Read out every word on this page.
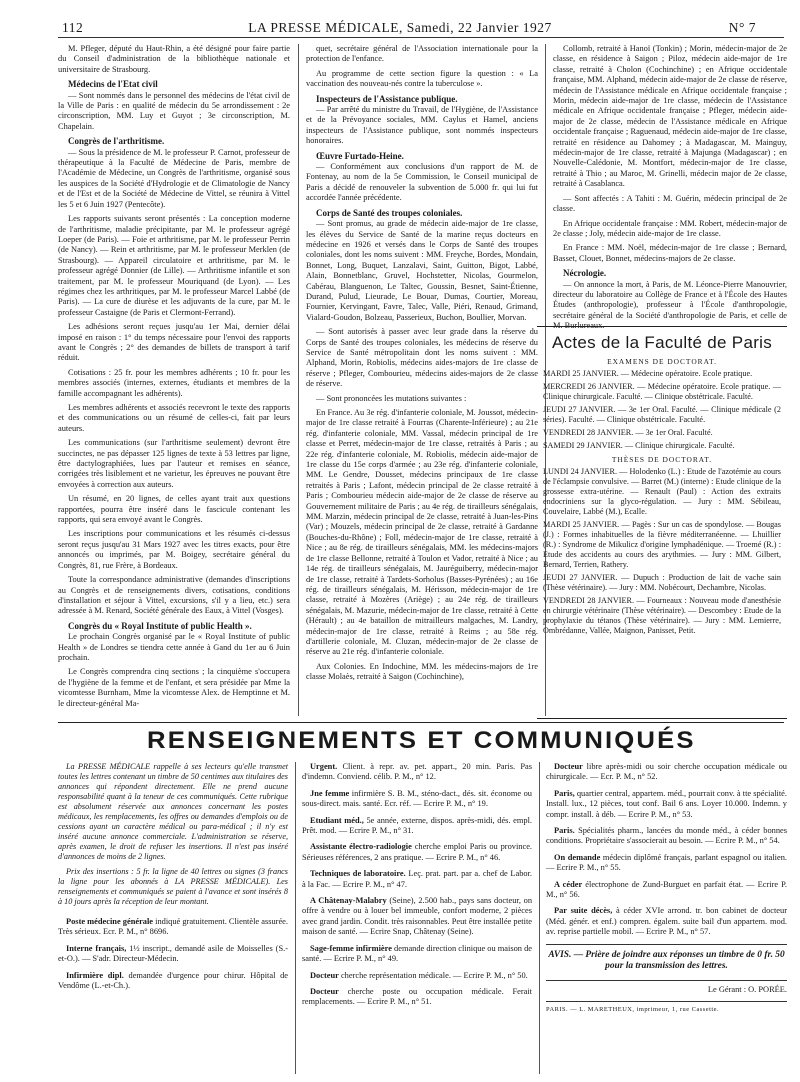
112	LA PRESSE MÉDICALE, Samedi, 22 Janvier 1927	N° 7

M. Pfleger, député du Haut-Rhin, a été désigné pour faire partie du Conseil d'administration de la bibliothèque nationale et universitaire de Strasbourg.

Médecins de l'Etat civil

— Sont nommés dans le personnel des médecins de l'état civil de la Ville de Paris : en qualité de médecin du 5e arrondissement : 2e circonscription, MM. Luy et Guyot ; 3e circonscription, M. Chapelain.

Congrès de l'arthritisme.

— Sous la présidence de M. le professeur P. Carnot, professeur de thérapeutique à la Faculté de Médecine de Paris, membre de l'Académie de Médecine, un Congrès de l'arthritisme, organisé sous les auspices de la Société d'Hydrologie et de Climatologie de Nancy et de l'Est et de la Société de Médecine de Vittel, se réunira à Vittel les 5 et 6 Juin 1927 (Pentecôte).

Les rapports suivants seront présentés : La conception moderne de l'arthritisme, maladie précipitante, par M. le professeur agrégé Loeper (de Paris). — Foie et arthritisme, par M. le professeur Perrin (de Nancy). — Rein et arthritisme, par M. le professeur Merklen (de Strasbourg). — Appareil circulatoire et arthritisme, par M. le professeur agrégé Donnier (de Lille). — Arthritisme infantile et son traitement, par M. le professeur Mouriquand (de Lyon). — Les régimes chez les arthritiques, par M. le professeur Marcel Labbé (de Paris). — La cure de diurèse et les adjuvants de la cure, par M. le professeur Castaigne (de Paris et Clermont-Ferrand).

Les adhésions seront reçues jusqu'au 1er Mai, dernier délai imposé en raison : 1° du temps nécessaire pour l'envoi des rapports avant le Congrès ; 2° des demandes de billets de transport à tarif réduit.

Cotisations : 25 fr. pour les membres adhérents ; 10 fr. pour les membres associés (internes, externes, étudiants et membres de la famille accompagnant les adhérents).

Les membres adhérents et associés recevront le texte des rapports et des communications ou un résumé de celles-ci, fait par leurs auteurs.

Les communications (sur l'arthritisme seulement) devront être succinctes, ne pas dépasser 125 lignes de texte à 53 lettres par ligne, être dactylographiées, lues par l'auteur et remises en séance, corrigées très lisiblement et ne varietur, les épreuves ne pouvant être envoyées à correction aux auteurs.

Un résumé, en 20 lignes, de celles ayant trait aux questions rapportées, pourra être inséré dans le fascicule contenant les rapports, qui sera envoyé avant le Congrès.

Les inscriptions pour communications et les résumés ci-dessus seront reçus jusqu'au 31 Mars 1927 avec les titres exacts, pour être annoncés ou imprimés, par M. Boigey, secrétaire général du Congrès, 81, rue Frère, à Bordeaux.

Toute la correspondance administrative (demandes d'inscriptions au Congrès et de renseignements divers, cotisations, conditions d'installation et séjour à Vittel, excursions, s'il y a lieu, etc.) sera adressée à M. Renard, Société générale des Eaux, à Vittel (Vosges).

Congrès du « Royal Institute of public Health ».

Le prochain Congrès organisé par le « Royal Institute of public Health » de Londres se tiendra cette année à Gand du 1er au 6 Juin prochain.

Le Congrès comprendra cinq sections ; la cinquième s'occupera de l'hygiène de la femme et de l'enfant, et sera présidée par Mme la vicomtesse Burnham, Mme la vicomtesse Alex. de Hemptinne et M. le directeur-général Ma-

quet, secrétaire général de l'Association internationale pour la protection de l'enfance.

Au programme de cette section figure la question : « La vaccination des nouveau-nés contre la tuberculose ».

Inspecteurs de l'Assistance publique.

— Par arrêté du ministre du Travail, de l'Hygiène, de l'Assistance et de la Prévoyance sociales, MM. Caylus et Hamel, anciens inspecteurs de l'Assistance publique, sont nommés inspecteurs honoraires.

Œuvre Furtado-Heine.

— Conformément aux conclusions d'un rapport de M. de Fontenay, au nom de la 5e Commission, le Conseil municipal de Paris a décidé de renouveler la subvention de 5.000 fr. qui lui fut accordée l'année précédente.

Corps de Santé des troupes coloniales.

— Sont promus, au grade de médecin aide-major de 1re classe, les élèves du Service de Santé de la marine reçus docteurs en médecine en 1926 et versés dans le Corps de Santé des troupes coloniales, dont les noms suivent : MM. Freyche, Bordes, Mondain, Bonnet, Long, Buquet, Lanzalavi, Saint, Guitton, Bigot, Labbé, Alain, Bonnetblanc, Gruvel, Hochstetter, Nicolas, Gourmelon, Cabérau, Blanguenon, Le Taltec, Goussin, Besnet, Saint-Étienne, Durand, Pulud, Lieurade, Le Bouar, Dumas, Courtier, Moreau, Fournier, Kervingant, Favre, Talec, Valle, Piéri, Renaud, Grimand, Vialard-Goudon, Bolzeau, Passerieux, Buchon, Boullier, Morvan.

— Sont autorisés à passer avec leur grade dans la réserve du Corps de Santé des troupes coloniales, les médecins de réserve du Service de Santé métropolitain dont les noms suivent : MM. Alphand, Morin, Robiolis, médecins aides-majors de 1re classe de réserve ; Pfleger, Combourieu, médecins aides-majors de 2e classe de réserve.

— Sont prononcées les mutations suivantes :

En France. Au 3e rég. d'infanterie coloniale, M. Joussot, médecin-major de 1re classe retraité à Fourras (Charente-Inférieure) ; au 21e rég. d'infanterie coloniale, MM. Vassal, médecin principal de 1re classe et Perret, médecin-major de 1re classe, retraités à Paris ; au 22e rég. d'infanterie coloniale, M. Robiolis, médecin aide-major de 1re classe du 15e corps d'armée ; au 23e rég. d'infanterie coloniale, MM. Le Gendre, Dousset, médecins principaux de 1re classe retraités à Paris ; Lafont, médecin principal de 2e classe retraité à Paris ; Combourieu médecin aide-major de 2e classe de réserve au Gouvernement militaire de Paris ; au 4e rég. de tirailleurs sénégalais, MM. Marzin, médecin principal de 2e classe, retraité à Juan-les-Pins (Var) ; Mouzels, médecin principal de 2e classe, retraité à Gardanne (Bouches-du-Rhône) ; Foll, médecin-major de 1re classe, retraité à Nice ; au 8e rég. de tirailleurs sénégalais, MM. les médecins-majors de 1re classe Bellonne, retraité à Toulon et Vador, retraité à Nice ; au 14e rég. de tirailleurs sénégalais, M. Jauréguiberry, médecin-major de 1re classe, retraité à Tardets-Sorholus (Basses-Pyrénées) ; au 16e rég. de tirailleurs sénégalais, M. Hérisson, médecin-major de 1re classe, retraité à Mozères (Ariège) ; au 24e rég. de tirailleurs sénégalais, M. Mazurie, médecin-major de 1re classe, retraité à Cette (Hérault) ; au 4e bataillon de mitrailleurs malgaches, M. Landry, médecin-major de 1re classe, retraité à Reims ; au 58e rég. d'artillerie coloniale, M. Cluzan, médecin-major de 2e classe de réserve au 21e rég. d'infanterie coloniale.

Aux Colonies. En Indochine, MM. les médecins-majors de 1re classe Molaès, retraité à Saigon (Cochinchine),

Collomb, retraité à Hanoï (Tonkin) ; Morin, médecin-major de 2e classe, en résidence à Saigon ; Piloz, médecin aide-major de 1re classe, retraité à Cholon (Cochinchine) ; en Afrique occidentale française, MM. Alphand, médecin aide-major de 2e classe de réserve, médecin de l'Assistance médicale en Afrique occidentale française ; Morin, médecin aide-major de 1re classe, médecin de l'Assistance médicale en Afrique occidentale française ; Pfleger, médecin aide-major de 2e classe, médecin de l'Assistance médicale en Afrique occidentale française ; Raguenaud, médecin aide-major de 1re classe, retraité en résidence au Dahomey ; à Madagascar, M. Mainguy, médecin-major de 1re classe, retraité à Majunga (Madagascar) ; en Nouvelle-Calédonie, M. Montfort, médecin-major de 1re classe, retraité à Thio ; au Maroc, M. Grinelli, médecin major de 2e classe, retraité à Casablanca.

— Sont affectés : A Tahiti : M. Guérin, médecin principal de 2e classe.

En Afrique occidentale française : MM. Robert, médecin-major de 2e classe ; Joly, médecin aide-major de 1re classe.

En France : MM. Noël, médecin-major de 1re classe ; Bernard, Basset, Clouet, Bonnet, médecins-majors de 2e classe.

Nécrologie.

— On annonce la mort, à Paris, de M. Léonce-Pierre Manouvrier, directeur du laboratoire au Collège de France et à l'École des Hautes Études (anthropologie), professeur à l'École d'anthropologie, secrétaire général de la Société d'anthropologie de Paris, et celle de M. Burlureaux.

Actes de la Faculté de Paris
EXAMENS DE DOCTORAT.

MARDI 25 JANVIER. — Médecine opératoire. Ecole pratique.

MERCREDI 26 JANVIER. — Médecine opératoire. Ecole pratique. — Clinique chirurgicale. Faculté. — Clinique obstétricale. Faculté.

JEUDI 27 JANVIER. — 3e 1er Oral. Faculté. — Clinique médicale (2 séries). Faculté. — Clinique obstétricale. Faculté.

VENDREDI 28 JANVIER. — 3e 1er Oral. Faculté.

SAMEDI 29 JANVIER. — Clinique chirurgicale. Faculté.

THÈSES DE DOCTORAT.

LUNDI 24 JANVIER. — Holodenko (L.) : Etude de l'azotémie au cours de l'éclampsie convulsive. — Barret (M.) (interne) : Etude clinique de la grossesse extra-utérine. — Renault (Paul) : Action des extraits endocriniens sur la glyco-régulation. — Jury : MM. Sébileau, Couvelaire, Labbé (M.), Ecalle.

MARDI 25 JANVIER. — Pagès : Sur un cas de spondylose. — Bougas (J.) : Formes inhabituelles de la fièvre méditerranéenne. — Lhuillier (R.) : Syndrome de Mikulicz d'origine lymphadénique. — Troemé (R.) : Etude des accidents au cours des arythmies. — Jury : MM. Gilbert, Bernard, Terrien, Rathery.

JEUDI 27 JANVIER. — Dupuch : Production de lait de vache sain (Thèse vétérinaire). — Jury : MM. Nobécourt, Dechambre, Nicolas.

VENDREDI 28 JANVIER. — Fourneaux : Nouveau mode d'anesthésie en chirurgie vétérinaire (Thèse vétérinaire). — Descombey : Etude de la prophylaxie du tétanos (Thèse vétérinaire). — Jury : MM. Lemierre, Ombrédanne, Vallée, Maignon, Panisset, Petit.

RENSEIGNEMENTS ET COMMUNIQUÉS

La PRESSE MÉDICALE rappelle à ses lecteurs qu'elle transmet toutes les lettres contenant un timbre de 50 centimes aux titulaires des annonces qui répondent directement. Elle ne prend aucune responsabilité quant à la teneur de ces communiqués. Cette rubrique est absolument réservée aux annonces concernant les postes médicaux, les remplacements, les offres ou demandes d'emplois ou de cessions ayant un caractère médical ou para-médical ; il n'y est inséré aucune annonce commerciale. L'administration se réserve, après examen, le droit de refuser les insertions. Il n'est pas inséré d'annonces de moins de 2 lignes.

Prix des insertions : 5 fr. la ligne de 40 lettres ou signes (3 francs la ligne pour les abonnés à LA PRESSE MÉDICALE). Les renseignements et communiqués se paient à l'avance et sont insérés 8 à 10 jours après la réception de leur montant.

Poste médecine générale indiqué gratuitement. Clientèle assurée. Très sérieux. Ecr. P. M., n° 8696.

Interne français, 1½ inscript., demandé asile de Moisselles (S.-et-O.). — S'adr. Directeur-Médecin.

Infirmière dipl. demandée d'urgence pour chirur. Hôpital de Vendôme (L.-et-Ch.).

Urgent. Client. à repr. av. pet. appart., 20 min. Paris. Pas d'indemn. Conviend. célib. P. M., n° 12.

Jne femme infirmière S. B. M., sténo-dact., dés. sit. économe ou sous-direct. mais. santé. Ecr. réf. — Ecrire P. M., n° 19.

Etudiant méd., 5e année, externe, dispos. après-midi, dés. empl. Prêt. mod. — Ecrire P. M., n° 31.

Assistante électro-radiologie cherche emploi Paris ou province. Sérieuses références, 2 ans pratique. — Ecrire P. M., n° 46.

Techniques de laboratoire. Leç. prat. part. par a. chef de Labor. à la Fac. — Ecrire P. M., n° 47.

A Châtenay-Malabry (Seine), 2.500 hab., pays sans docteur, on offre à vendre ou à louer bel immeuble, confort moderne, 2 pièces avec grand jardin. Condit. très raisonnables. Peut être installée petite maison de santé. — Ecrire Snap, Châtenay (Seine).

Sage-femme infirmière demande direction clinique ou maison de santé. — Ecrire P. M., n° 49.

Docteur cherche représentation médicale. — Ecrire P. M., n° 50.

Docteur cherche poste ou occupation médicale. Ferait remplacements. — Ecrire P. M., n° 51.

Docteur libre après-midi ou soir cherche occupation médicale ou chirurgicale. — Ecr. P. M., n° 52.

Paris, quartier central, appartem. méd., pourrait conv. à tte spécialité. Install. lux., 12 pièces, tout conf. Bail 6 ans. Loyer 10.000. Indemn. y compr. install. à déb. — Ecrire P. M., n° 53.

Paris. Spécialités pharm., lancées du monde méd., à céder bonnes conditions. Propriétaire s'associerait au besoin. — Ecrire P. M., n° 54.

On demande médecin diplômé français, parlant espagnol ou italien. — Ecrire P. M., n° 55.

A céder électrophone de Zund-Burguet en parfait état. — Ecrire P. M., n° 56.

Par suite décès, à céder XVIe arrond. tr. bon cabinet de docteur (Méd. génér. et enf.) compren. égalem. suite bail d'un appartem. mod. av. reprise partielle mobil. — Ecrire P. M., n° 57.

AVIS. — Prière de joindre aux réponses un timbre de 0 fr. 50 pour la transmission des lettres.
Le Gérant : O. PORÉE.
PARIS. — L. MARETHEUX, imprimeur, 1, rue Cassette.
